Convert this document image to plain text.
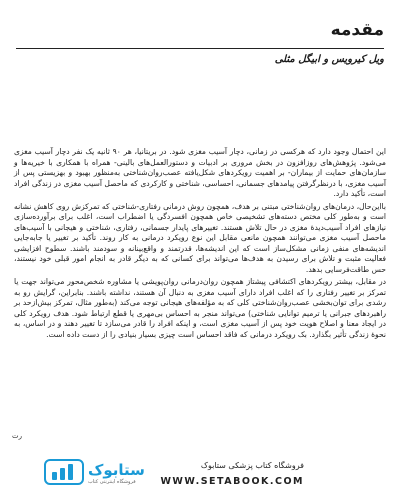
مقدمه
ویل کیرویس و ابیگل مثلی

این احتمال وجود دارد که هرکسی در زمانی، دچار آسیب مغزی شود. در بریتانیا، هر ۹۰ ثانیه یک نفر دچار آسیب مغزی می‌شود. پژوهش‌های روزافزون در بخش مروری بر ادبیات و دستورالعمل‌های بالینی- همراه با همکاری با خیریه‌ها و سازمان‌های حمایت از بیماران- بر اهمیت رویکردهای شکل‌یافته عصب‌روان‌شناختی به‌منظور بهبود و بهزیستی پس از آسیب مغزی، با درنظرگرفتن پیامدهای جسمانی، احساسی، شناختی و کارکردی که ماحصل آسیب مغزی در زندگی افراد است، تأکید دارد.

بااین‌حال، درمان‌های روان‌شناختی مبتنی بر هدف، همچون روش درمانی رفتاری-شناختی که تمرکزش روی کاهش نشانه است و به‌طور کلی مختص دسته‌های تشخیصی خاص همچون افسردگی یا اضطراب است، اغلب برای برآورده‌سازی نیازهای افراد آسیب‌دیدهٔ مغزی در حال تلاش هستند. تغییرهای پایدار جسمانی، رفتاری، شناختی و هیجانی با آسیب‌های ماحصل آسیب مغزی می‌توانند همچون مانعی مقابل این نوع رویکرد درمانی به کار روند. تأکید بر تغییر یا جابه‌جایی اندیشه‌های منفی زمانی مشکل‌ساز است که این اندیشه‌ها، قدرتمند و واقع‌بینانه و سودمند باشند. سطوح افزایشی فعالیت مثبت و تلاش برای رسیدن به هدف‌ها می‌تواند برای کسانی که به دیگر قادر به انجام امور قبلی خود نیستند، حس طاقت‌فرسایی بدهد.

در مقابل، بیشتر رویکردهای اکتشافی پیشتاز همچون روان‌درمانی روان‌پویشی یا مشاوره شخص‌محور می‌تواند جهت یا تمرکز بر تغییر رفتاری را که اغلب افراد دارای آسیب مغزی به دنبال آن هستند، نداشته باشند. بنابراین، گرایش رو به رشدی برای توان‌بخشی عصب‌روان‌شناختی کلی که به مؤلفه‌های هیجانی توجه می‌کند (به‌طور مثال، تمرکز بیش‌ازحد بر راهبردهای جبرانی یا ترمیم توانایی شناختی) می‌تواند منجر به احساس بی‌مهری یا قطع ارتباط شود. هدف رویکرد کلی در ایجاد معنا و اصلاح هویت خود پس از آسیب مغزی است، و اینکه افراد را قادر می‌سازد تا تغییر دهند و در اساس، به نحوهٔ زندگی تأثیر بگذارد. بک رویکرد درمانی که فاقد احساس است چیزی بسیار بنیادی را از دست داده است.

رت
ستابوک
فروشگاه اینترنتی کتاب
فروشگاه کتاب پزشکی ستابوک
WWW.SETABOOK.COM
